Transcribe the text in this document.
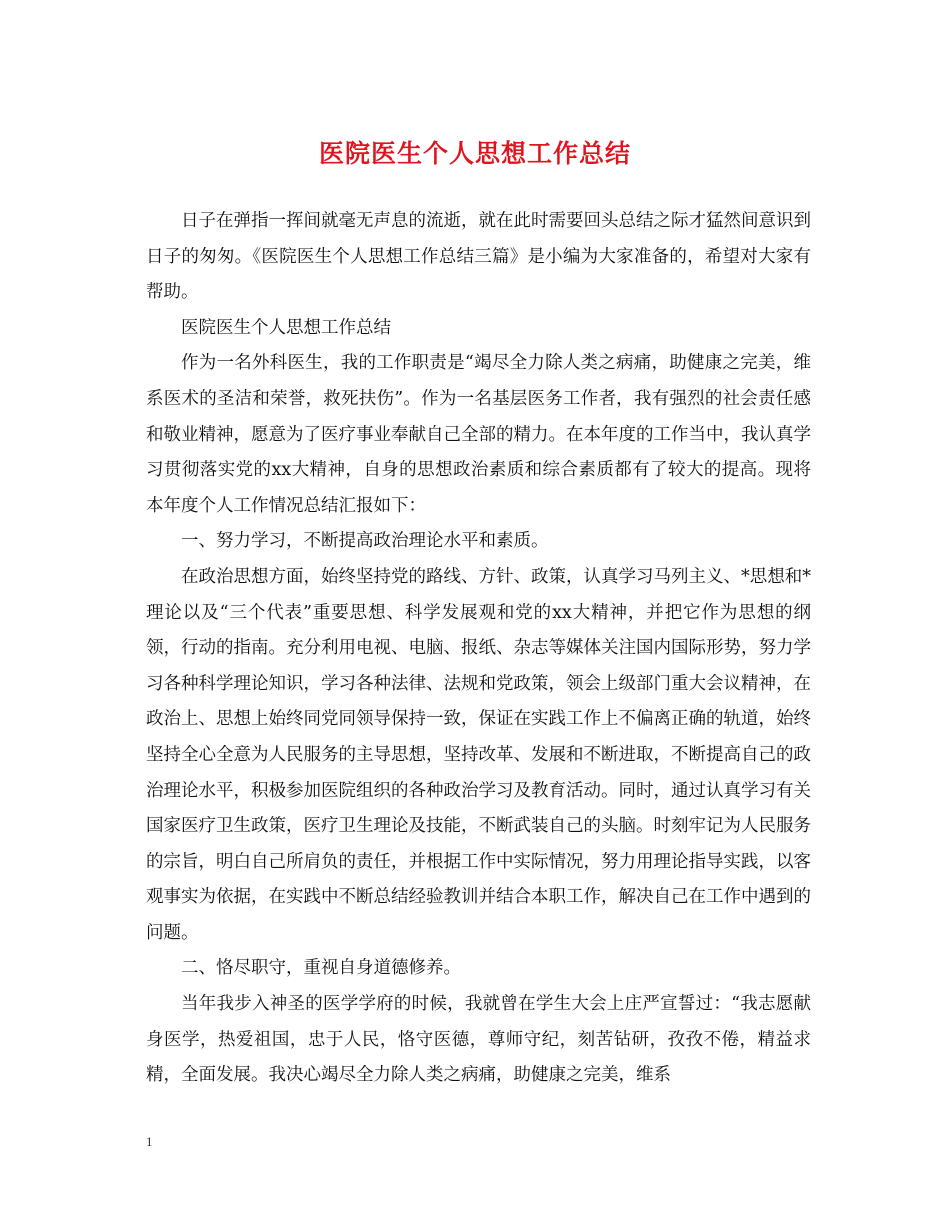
医院医生个人思想工作总结

日子在弹指一挥间就毫无声息的流逝，就在此时需要回头总结之际才猛然间意识到日子的匆匆。《医院医生个人思想工作总结三篇》是小编为大家准备的，希望对大家有帮助。

医院医生个人思想工作总结

作为一名外科医生，我的工作职责是“竭尽全力除人类之病痛，助健康之完美，维系医术的圣洁和荣誉，救死扶伤”。作为一名基层医务工作者，我有强烈的社会责任感和敬业精神，愿意为了医疗事业奉献自己全部的精力。在本年度的工作当中，我认真学习贯彻落实党的xx大精神，自身的思想政治素质和综合素质都有了较大的提高。现将本年度个人工作情况总结汇报如下：

一、努力学习，不断提高政治理论水平和素质。

在政治思想方面，始终坚持党的路线、方针、政策，认真学习马列主义、*思想和*理论以及“三个代表”重要思想、科学发展观和党的xx大精神，并把它作为思想的纲领，行动的指南。充分利用电视、电脑、报纸、杂志等媒体关注国内国际形势，努力学习各种科学理论知识，学习各种法律、法规和党政策，领会上级部门重大会议精神，在政治上、思想上始终同党同领导保持一致，保证在实践工作上不偏离正确的轨道，始终坚持全心全意为人民服务的主导思想，坚持改革、发展和不断进取，不断提高自己的政治理论水平，积极参加医院组织的各种政治学习及教育活动。同时，通过认真学习有关国家医疗卫生政策，医疗卫生理论及技能，不断武装自己的头脑。时刻牢记为人民服务的宗旨，明白自己所肩负的责任，并根据工作中实际情况，努力用理论指导实践，以客观事实为依据，在实践中不断总结经验教训并结合本职工作，解决自己在工作中遇到的问题。

二、恪尽职守，重视自身道德修养。

当年我步入神圣的医学学府的时候，我就曾在学生大会上庄严宣誓过：“我志愿献身医学，热爱祖国，忠于人民，恪守医德，尊师守纪，刻苦钻研，孜孜不倦，精益求精，全面发展。我决心竭尽全力除人类之病痛，助健康之完美，维系

1
